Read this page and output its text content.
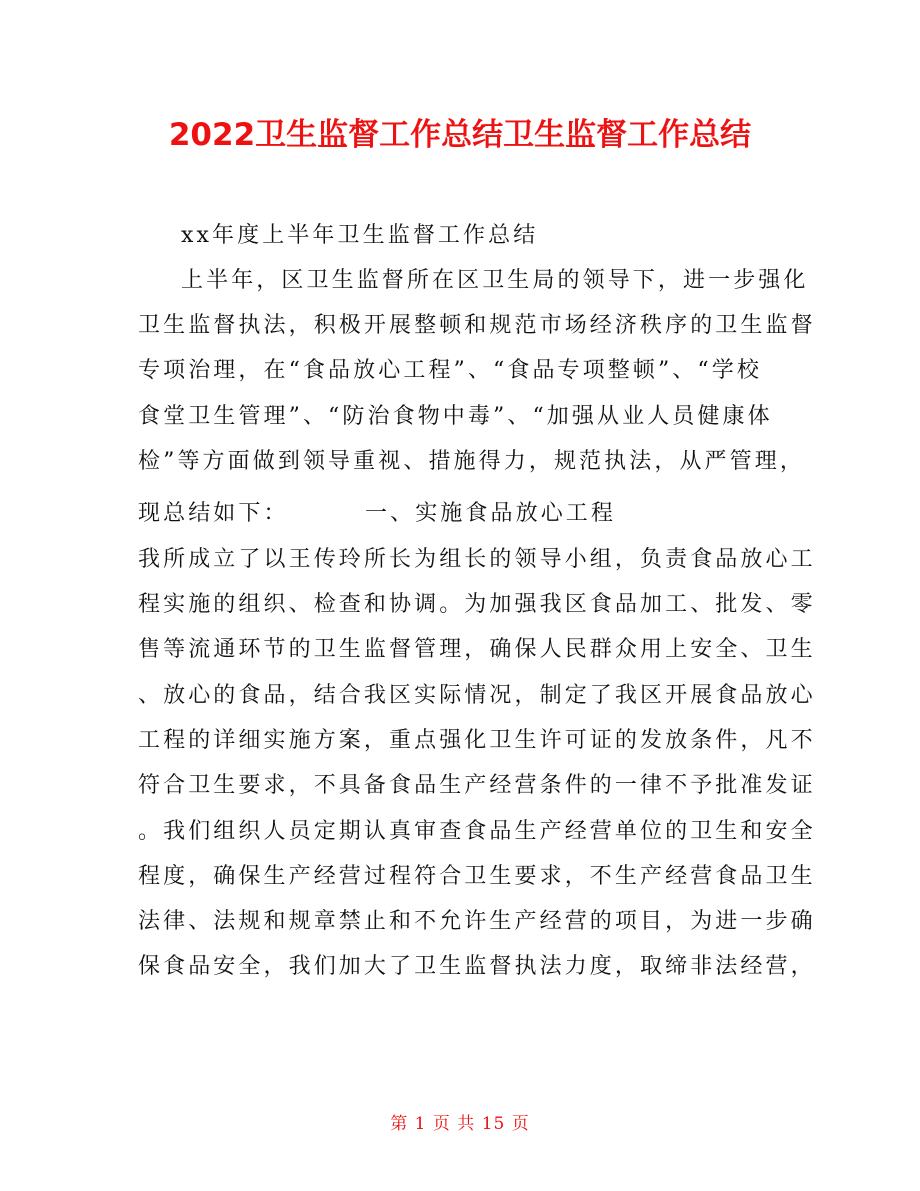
2022卫生监督工作总结卫生监督工作总结
xx年度上半年卫生监督工作总结
上半年，区卫生监督所在区卫生局的领导下，进一步强化
卫生监督执法，积极开展整顿和规范市场经济秩序的卫生监督
专项治理，在“食品放心工程”、“食品专项整顿”、“学校
食堂卫生管理”、“防治食物中毒”、“加强从业人员健康体
检”等方面做到领导重视、措施得力，规范执法，从严管理，
现总结如下：	一、实施食品放心工程
我所成立了以王传玲所长为组长的领导小组，负责食品放心工
程实施的组织、检查和协调。为加强我区食品加工、批发、零
售等流通环节的卫生监督管理，确保人民群众用上安全、卫生
、放心的食品，结合我区实际情况，制定了我区开展食品放心
工程的详细实施方案，重点强化卫生许可证的发放条件，凡不
符合卫生要求，不具备食品生产经营条件的一律不予批准发证
。我们组织人员定期认真审查食品生产经营单位的卫生和安全
程度，确保生产经营过程符合卫生要求，不生产经营食品卫生
法律、法规和规章禁止和不允许生产经营的项目，为进一步确
保食品安全，我们加大了卫生监督执法力度，取缔非法经营，
第 1 页 共 15 页
